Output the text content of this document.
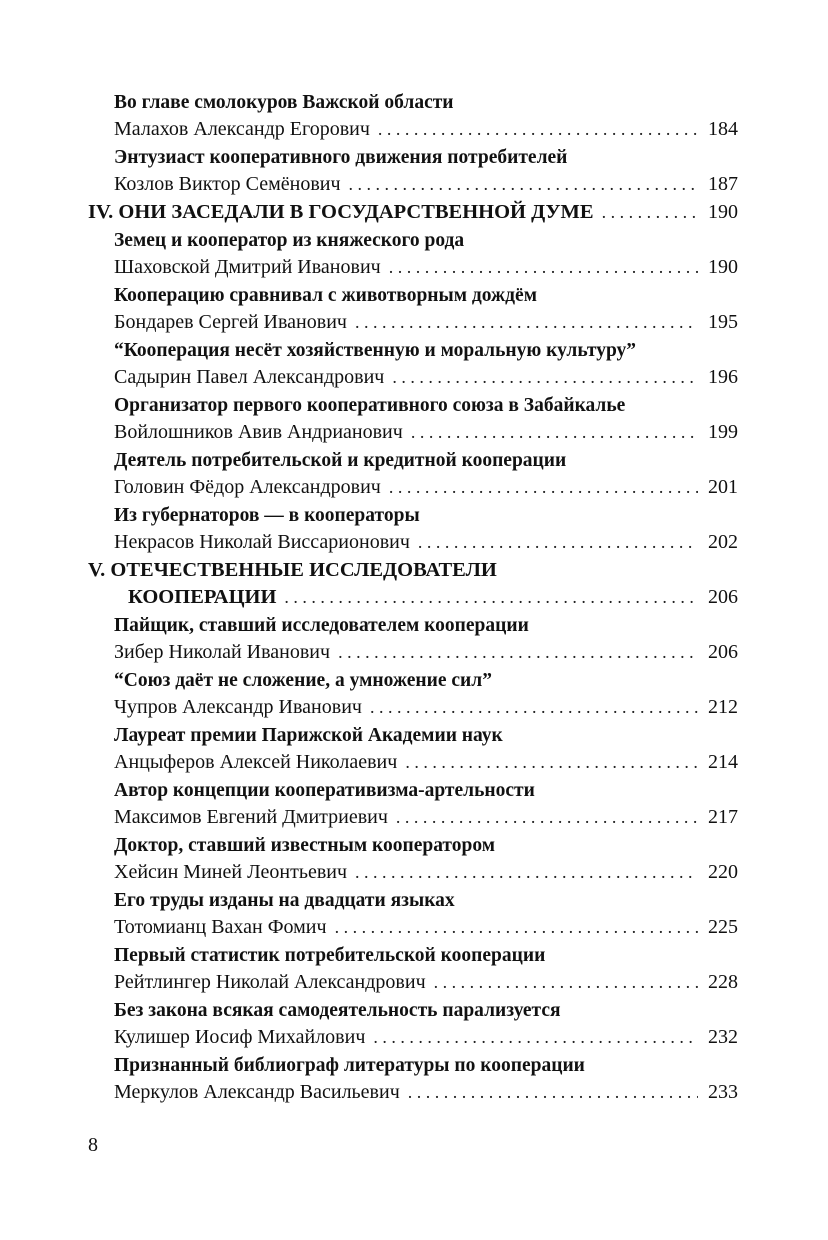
Во главе смолокуров Важской области
Малахов Александр Егорович . . .	184
Энтузиаст кооперативного движения потребителей
Козлов Виктор Семёнович . . .	187
IV. ОНИ ЗАСЕДАЛИ В ГОСУДАРСТВЕННОЙ ДУМЕ . . .	190
Земец и кооператор из княжеского рода
Шаховской Дмитрий Иванович . . .	190
Кооперацию сравнивал с животворным дождём
Бондарев Сергей Иванович . . .	195
“Кооперация несёт хозяйственную и моральную культуру”
Садырин Павел Александрович . . .	196
Организатор первого кооперативного союза в Забайкалье
Войлошников Авив Андрианович . . .	199
Деятель потребительской и кредитной кооперации
Головин Фёдор Александрович . . .	201
Из губернаторов — в кооператоры
Некрасов Николай Виссарионович . . .	202
V. ОТЕЧЕСТВЕННЫЕ ИССЛЕДОВАТЕЛИ
КООПЕРАЦИИ . . .	206
Пайщик, ставший исследователем кооперации
Зибер Николай Иванович . . .	206
“Союз даёт не сложение, а умножение сил”
Чупров Александр Иванович . . .	212
Лауреат премии Парижской Академии наук
Анцыферов Алексей Николаевич . . .	214
Автор концепции кооперативизма-артельности
Максимов Евгений Дмитриевич . . .	217
Доктор, ставший известным кооператором
Хейсин Миней Леонтьевич . . .	220
Его труды изданы на двадцати языках
Тотомианц Вахан Фомич . . .	225
Первый статистик потребительской кооперации
Рейтлингер Николай Александрович . . .	228
Без закона всякая самодеятельность парализуется
Кулишер Иосиф Михайлович . . .	232
Признанный библиограф литературы по кооперации
Меркулов Александр Васильевич . . .	233
8
